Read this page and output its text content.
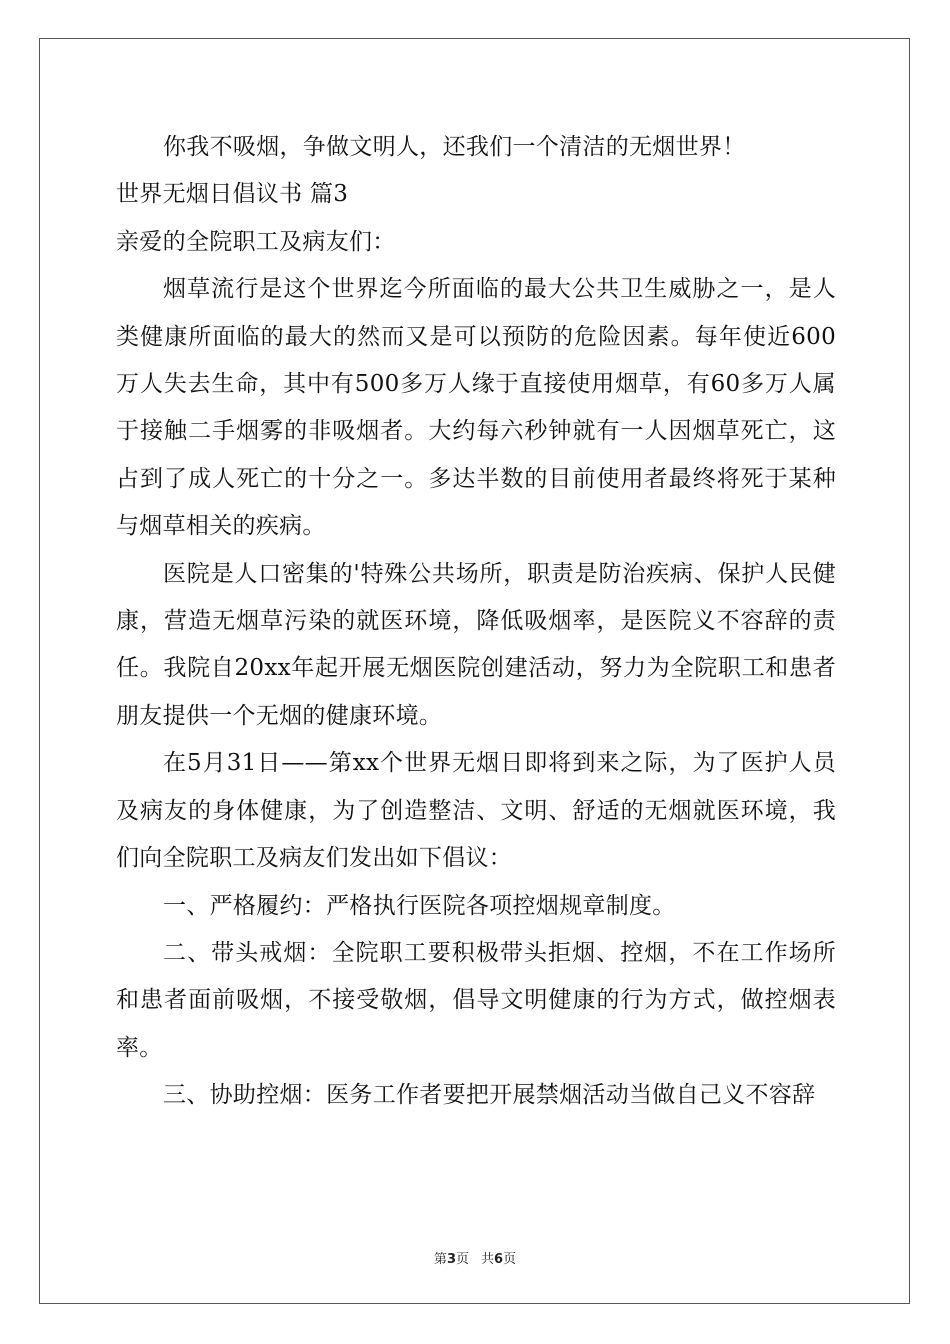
你我不吸烟，争做文明人，还我们一个清洁的无烟世界！

世界无烟日倡议书 篇3

亲爱的全院职工及病友们：

烟草流行是这个世界迄今所面临的最大公共卫生威胁之一，是人类健康所面临的最大的然而又是可以预防的危险因素。每年使近600万人失去生命，其中有500多万人缘于直接使用烟草，有60多万人属于接触二手烟雾的非吸烟者。大约每六秒钟就有一人因烟草死亡，这占到了成人死亡的十分之一。多达半数的目前使用者最终将死于某种与烟草相关的疾病。

医院是人口密集的'特殊公共场所，职责是防治疾病、保护人民健康，营造无烟草污染的就医环境，降低吸烟率，是医院义不容辞的责任。我院自20xx年起开展无烟医院创建活动，努力为全院职工和患者朋友提供一个无烟的健康环境。

在5月31日——第xx个世界无烟日即将到来之际，为了医护人员及病友的身体健康，为了创造整洁、文明、舒适的无烟就医环境，我们向全院职工及病友们发出如下倡议：

一、严格履约：严格执行医院各项控烟规章制度。

二、带头戒烟：全院职工要积极带头拒烟、控烟，不在工作场所和患者面前吸烟，不接受敬烟，倡导文明健康的行为方式，做控烟表率。

三、协助控烟：医务工作者要把开展禁烟活动当做自己义不容辞

第3页 共6页
